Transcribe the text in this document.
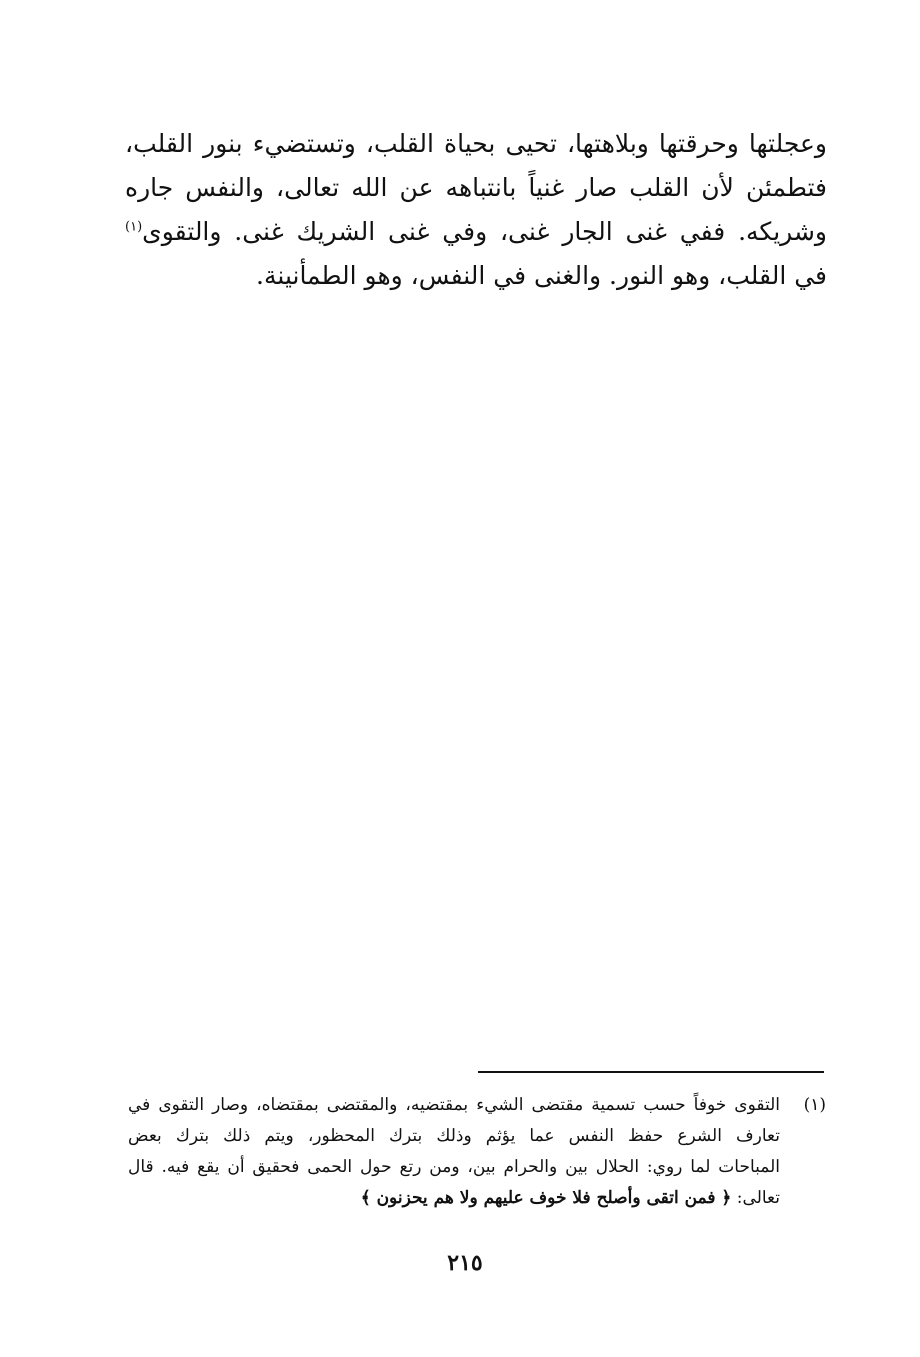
وعجلتها وحرقتها وبلاهتها، تحيى بحياة القلب، وتستضيء بنور القلب،
فتطمئن لأن القلب صار غنياً بانتباهه عن الله تعالى، والنفس جاره
وشريكه. ففي غنى الجار غنى، وفي غنى الشريك غنى. والتقوى$^{(١)}$
في القلب، وهو النور. والغنى في النفس، وهو الطمأنينة.
(١)التقوى خوفاً حسب تسمية مقتضى الشيء بمقتضيه، والمقتضى بمقتضاه، وصار التقوى في
تعارف الشرع حفظ النفس عما يؤثم وذلك بترك المحظور، ويتم ذلك بترك بعض
المباحات لما روي: الحلال بين والحرام بين، ومن رتع حول الحمى فحقيق أن يقع فيه. قال
تعالى: ﴿ فمن اتقى وأصلح فلا خوف عليهم ولا هم يحزنون ﴾
٢١٥
